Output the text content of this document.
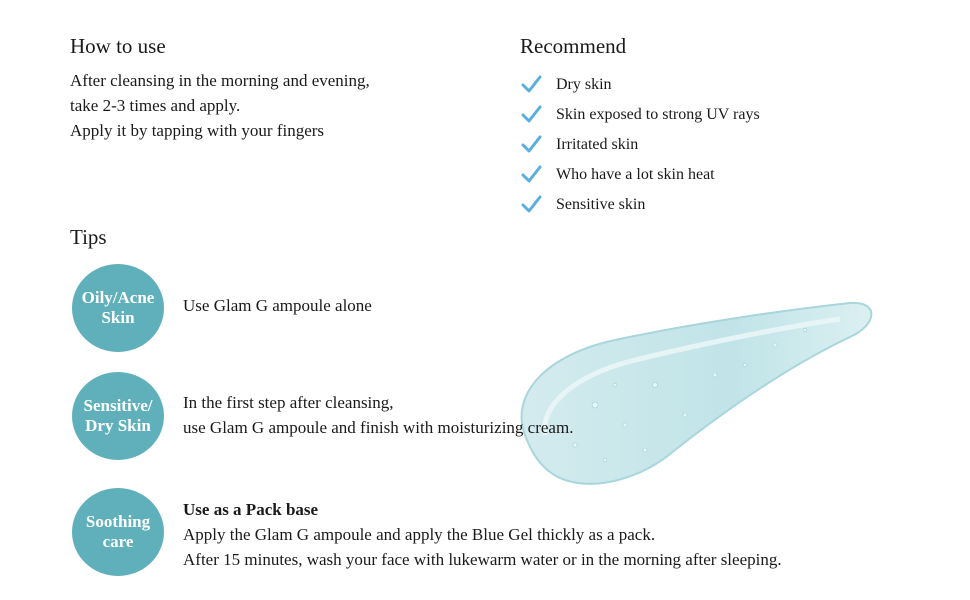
How to use
After cleansing in the morning and evening,
take 2-3 times and apply.
Apply it by tapping with your fingers
Recommend
Dry skin
Skin exposed to strong UV rays
Irritated skin
Who have a lot skin heat
Sensitive skin
Tips
Oily/Acne
Skin
Use Glam G ampoule alone
Sensitive/
Dry Skin
In the first step after cleansing,
use Glam G ampoule and finish with moisturizing cream.
Soothing
care
Use as a Pack base
Apply the Glam G ampoule and apply the Blue Gel thickly as a pack.
After 15 minutes, wash your face with lukewarm water or in the morning after sleeping.
